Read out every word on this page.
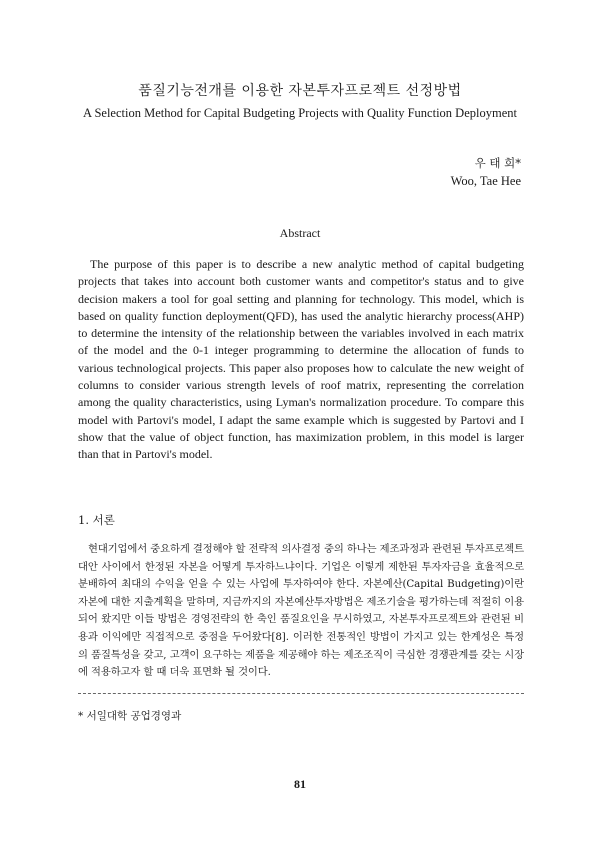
품질기능전개를 이용한 자본투자프로젝트 선정방법
A Selection Method for Capital Budgeting Projects with Quality Function Deployment
우 태 희*
Woo, Tae Hee
Abstract
The purpose of this paper is to describe a new analytic method of capital budgeting projects that takes into account both customer wants and competitor's status and to give decision makers a tool for goal setting and planning for technology. This model, which is based on quality function deployment(QFD), has used the analytic hierarchy process(AHP) to determine the intensity of the relationship between the variables involved in each matrix of the model and the 0-1 integer programming to determine the allocation of funds to various technological projects. This paper also proposes how to calculate the new weight of columns to consider various strength levels of roof matrix, representing the correlation among the quality characteristics, using Lyman's normalization procedure. To compare this model with Partovi's model, I adapt the same example which is suggested by Partovi and I show that the value of object function, has maximization problem, in this model is larger than that in Partovi's model.
1. 서론
현대기업에서 중요하게 결정해야 할 전략적 의사결정 중의 하나는 제조과정과 관련된 투자프로젝트 대안 사이에서 한정된 자본을 어떻게 투자하느냐이다. 기업은 이렇게 제한된 투자자금을 효율적으로 분배하여 최대의 수익을 얻을 수 있는 사업에 투자하여야 한다. 자본예산(Capital Budgeting)이란 자본에 대한 지출계획을 말하며, 지금까지의 자본예산투자방법은 제조기술을 평가하는데 적절히 이용되어 왔지만 이들 방법은 경영전략의 한 축인 품질요인을 무시하였고, 자본투자프로젝트와 관련된 비용과 이익에만 직접적으로 중점을 두어왔다[8]. 이러한 전통적인 방법이 가지고 있는 한계성은 특정의 품질특성을 갖고, 고객이 요구하는 제품을 제공해야 하는 제조조직이 극심한 경쟁관계를 갖는 시장에 적용하고자 할 때 더욱 표면화 될 것이다.
* 서일대학 공업경영과
81
